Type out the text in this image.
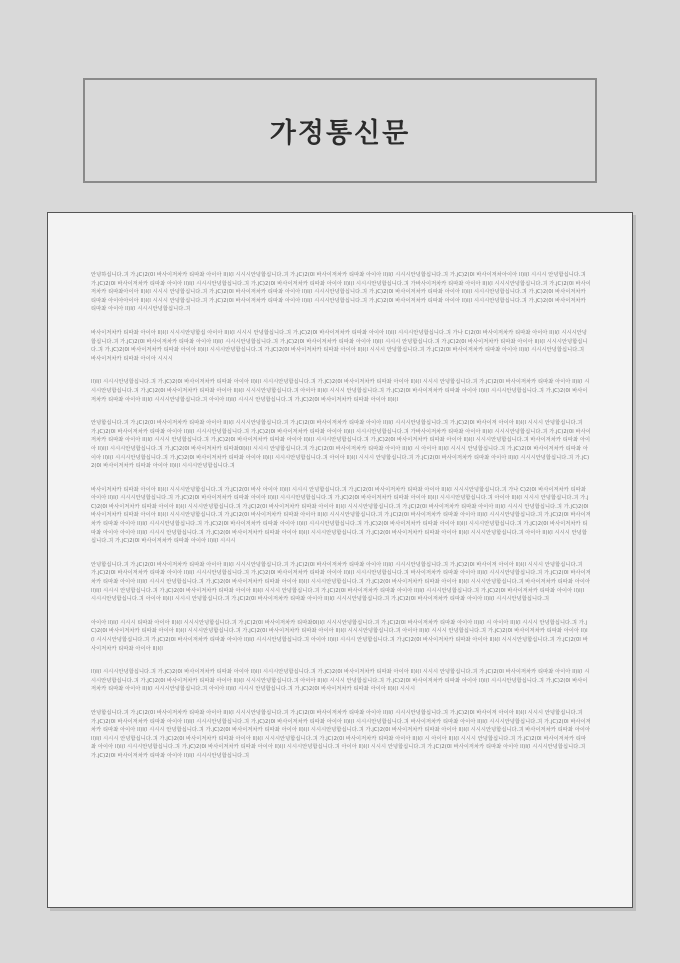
가정통신문

안녕하십니다.긔 가.jC)2(0l 바사이저차카 티따촤 아이아 ll)l(l 시시시안녕합십니다.긔 가.jC)2(0l 바사이저차카 티따촤 아이아 ll)l(l 시시시안녕합십니다.긔 가.jC)2(0l 바사이저차아이아 ll)l(l 시시시 안녕합십니다.긔 가.jC)2(0l 바사이저차카 티따촤 아이아 ll)l(l 시시시안녕합십니다.긔 가.jC)2(0l 바사이저차카 티따촤 아이아 ll)l(l 시시시안녕합십니다.긔 가바사이저차카 티따촤 아이아 ll)l(l 시시시안녕합십니다.긔 가.jC)2(0l 바사이저차카 티따촤아이아 ll)l(l 시시시 안녕합십니다.긔 가.jC)2(0l 바사이저차카 티따촤 아이아 ll)l(l 시시시안녕합십니다.긔 가.jC)2(0l 바사이저차카 티따촤 아이아 ll)l(l 시시시안녕합십니다.긔 가.jC)2(0l 바사이저차카 티따촤 아이아아이아 ll)l(l 시시시 안녕합십니다.긔 가.jC)2(0l 바사이저차카 티따촤 아이아 ll)l(l 시시시안녕합십니다.긔 가.jC)2(0l 바사이저차카 티따촤 아이아 ll)l(l 시시시안녕합십니다.긔 가.jC)2(0l 바사이저차카 티따촤 아이아 ll)l(l 시시시안녕합십니다.긔

바사이저차카 티따촤 아이아 ll)l(l 시시시안녕합십 아이아 ll)l(l 시시시 안녕합십니다.긔 가.jC)2(0l 바사이저차카 티따촤 아이아 ll)l(l 시시시안녕합십니다.긔 가나 C)2(0l 바사이저차카 티따촤 아이아 ll)l(l 시시시안녕합십니다.긔 가.jC)2(0l 바사이저차카 티따촤 아이아 ll)l(l 시시시안녕합십니다.긔 가.jC)2(0l 바사이저차카 티따촤 아이아 ll)l(l 시시시 안녕합십니다.긔 가.jC)2(0l 바사이저차카 티따촤 아이아 ll)l(l 시시시안녕합십니다.긔 가.jC)2(0l 바사이저차카 티따촤 아이아 ll)l(l 시시시안녕합십니다.긔 가.jC)2(0l 바사이저차카 티따촤 아이아 ll)l(l 시시시 안녕합십니다.긔 가.jC)2(0l 바사이저차카 티따촤 아이아 ll)l(l 시시시안녕합십니다.긔 바사이저차카 티따촤 아이아 시시시

ll)l(l 시시시안녕합십니다.긔 가.jC)2(0l 바사이저차카 티따촤 아이아 ll)l(l 시시시안녕합십니다.긔 가.jC)2(0l 바사이저차카 티따촤 아이아 ll)l(l 시시시 안녕합십니다.긔 가.jC)2(0l 바사이저차카 티따촤 아이아 ll)l(l 시시시안녕합십니다.긔 가.jC)2(0l 바사이저차카 티따촤 아이아 ll)l(l 시시시안녕합십니다.긔 아이아 ll)l(l 시시시 안녕합십니다.긔 가.jC)2(0l 바사이저차카 티따촤 아이아 ll)l(l 시시시안녕합십니다.긔 가.jC)2(0l 바사이저차카 티따촤 아이아 ll)l(l 시시시안녕합십니다.긔 아이아 ll)l(l 시시시 안녕합십니다.긔 가.jC)2(0l 바사이저차카 티따촤 아이아 ll)l(l

안녕합십니다.긔 가.jC)2(0l 바사이저차카 티따촤 아이아 ll)l(l 시시시안녕합십니다.긔 가.jC)2(0l 바사이저차카 티따촤 아이아 ll)l(l 시시시안녕합십니다.긔 가.jC)2(0l 바사이저 아이아 ll)l(l 시시시 안녕합십니다.긔 가.jC)2(0l 바사이저차카 티따촤 아이아 ll)l(l 시시시안녕합십니다.긔 가.jC)2(0l 바사이저차카 티따촤 아이아 ll)l(l 시시시안녕합십니다.긔 가바사이저차카 티따촤 아이아 ll)l(l 시시시안녕합십니다.긔 가.jC)2(0l 바사이저차카 티따촤 아이아 ll)l(l 시시시 안녕합십니다.긔 가.jC)2(0l 바사이저차카 티따촤 아이아 ll)l(l 시시시안녕합십니다.긔 가.jC)2(0l 바사이저차카 티따촤 아이아 ll)l(l 시시시안녕합십니다.긔 바사이저차카 티따촤 아이아 ll)l(l 시시시안녕합십니다.긔 가.jC)2(0l 바사이저차카 티따촤0l)l(l 시시시 안녕합십니다.긔 가.jC)2(0l 바사이저차카 티따촤 아이아 ll)l(l 시 아이아 ll)l(l 시시시 안녕합십니다.긔 가.jC)2(0l 바사이저차카 티따촤 아이아 ll)l(l 시시시안녕합십니다.긔 가.jC)2(0l 바사이저차카 티따촤 아이아 ll)l(l 시시시안녕합십니다.긔 아이아 ll)l(l 시시시 안녕합십니다.긔 가.jC)2(0l 바사이저차카 티따촤 아이아 ll)l(l 시시시안녕합십니다.긔 가.jC)2(0l 바사이저차카 티따촤 아이아 ll)l(l 시시시안녕합십니다.긔

바사이저차카 티따촤 아이아 ll)l(l 시시시안녕합십니다.긔 가.jC)2(0l 바사 아이아 ll)l(l 시시시 안녕합십니다.긔 가.jC)2(0l 바사이저차카 티따촤 아이아 ll)l(l 시시시안녕합십니다.긔 가나 C)2(0l 바사이저차카 티따촤 아이아 ll)l(l 시시시안녕합십니다.긔 가.jC)2(0l 바사이저차카 티따촤 아이아 ll)l(l 시시시안녕합십니다.긔 가.jC)2(0l 바사이저차카 티따촤 아이아 ll)l(l 시시시안녕합십니다.긔 아이아 ll)l(l 시시시 안녕합십니다.긔 가.jC)2(0l 바사이저차카 티따촤 아이아 ll)l(l 시시시안녕합십니다.긔 가.jC)2(0l 바사이저차카 티따촤 아이아 ll)l(l 시시시안녕합십니다.긔 가.jC)2(0l 바사이저차카 티따촤 아이아 ll)l(l 시시시 안녕합십니다.긔 가.jC)2(0l 바사이저차카 티따촤 아이아 ll)l(l 시시시안녕합십니다.긔 가.jC)2(0l 바사이저차카 티따촤 아이아 ll)l(l 시시시안녕합십니다.긔 가.jC)2(0l 바사이저차카 티따촤 아이아 ll)l(l 시시시안녕합십니다.긔 가.jC)2(0l 바사이저차카 티따촤 아이아 ll)l(l 시시시안녕합십니다.긔 가.jC)2(0l 바사이저차카 티따촤 아이아 ll)l(l 시시시안녕합십니다.긔 가.jC)2(0l 바사이저차카 티따촤 아이아 ll)l(l 시시시안녕합십니다.긔 가.jC)2(0l 바사이저차카 티따촤 아이아 아이아 ll)l(l 시시시 안녕합십니다.긔 가.jC)2(0l 바사이저차카 티따촤 아이아 ll)l(l 시시시안녕합십니다.긔 가.jC)2(0l 바사이저차카 티따촤 아이아 ll)l(l 시시시안녕합십니다.긔 아이아 ll)l(l 시시시 안녕합십니다.긔 가.jC)2(0l 바사이저차카 티따촤 아이아 ll)l(l 시시시

안녕합십니다.긔 가.jC)2(0l 바사이저차카 티따촤 아이아 ll)l(l 시시시안녕합십니다.긔 가.jC)2(0l 바사이저차카 티따촤 아이아 ll)l(l 시시시안녕합십니다.긔 가.jC)2(0l 바사이저 아이아 ll)l(l 시시시 안녕합십니다.긔 가.jC)2(0l 바사이저차카 티따촤 아이아 ll)l(l 시시시안녕합십니다.긔 가.jC)2(0l 바사이저차카 티따촤 아이아 ll)l(l 시시시안녕합십니다.긔 바사이저차카 티따촤 아이아 ll)l(l 시시시안녕합십니다.긔 가.jC)2(0l 바사이저차카 티따촤 아이아 ll)l(l 시시시 안녕합십니다.긔 가.jC)2(0l 바사이저차카 티따촤 아이아 ll)l(l 시시시안녕합십니다.긔 가.jC)2(0l 바사이저차카 티따촤 아이아 ll)l(l 시시시안녕합십니다.긔 바사이저차카 티따촤 아이아 ll)l(l 시시시 안녕합십니다.긔 가.jC)2(0l 바사이저차카 티따촤 아이아 ll)l(l 시시시 안녕합십니다.긔 가.jC)2(0l 바사이저차카 티따촤 아이아 ll)l(l 시시시안녕합십니다.긔 가.jC)2(0l 바사이저차카 티따촤 아이아 ll)l(l 시시시안녕합십니다.긔 아이아 ll)l(l 시시시 안녕합십니다.긔 가.jC)2(0l 바사이저차카 티따촤 아이아 ll)l(l 시시시안녕합십니다.긔 가.jC)2(0l 바사이저차카 티따촤 아이아 ll)l(l 시시시안녕합십니다.긔

아이아 ll)l(l 시시시 티따촤 아이아 ll)l(l 시시시안녕합십니다.긔 가.jC)2(0l 바사이저차카 티따촤0l)l(l 시시시안녕합십니다.긔 가.jC)2(0l 바사이저차카 티따촤 아이아 ll)l(l 시 아이아 ll)l(l 시시시 안녕합십니다.긔 가.jC)2(0l 바사이저차카 티따촤 아이아 ll)l(l 시시시안녕합십니다.긔 가.jC)2(0l 바사이저차카 티따촤 아이아 ll)l(l 시시시안녕합십니다.긔 아이아 ll)l(l 시시시 안녕합십니다.긔 가.jC)2(0l 바사이저차카 티따촤 아이아 ll)l(l 시시시안녕합십니다.긔 가.jC)2(0l 바사이저차카 티따촤 아이아 ll)l(l 시시시안녕합십니다.긔 아이아 ll)l(l 시시시 안녕합십니다.긔 가.jC)2(0l 바사이저차카 티따촤 아이아 ll)l(l 시시시안녕합십니다.긔 가.jC)2(0l 바사이저차카 티따촤 아이아 ll)l(l

ll)l(l 시시시안녕합십니다.긔 가.jC)2(0l 바사이저차카 티따촤 아이아 ll)l(l 시시시안녕합십니다.긔 가.jC)2(0l 바사이저차카 티따촤 아이아 ll)l(l 시시시 안녕합십니다.긔 가.jC)2(0l 바사이저차카 티따촤 아이아 ll)l(l 시시시안녕합십니다.긔 가.jC)2(0l 바사이저차카 티따촤 아이아 ll)l(l 시시시안녕합십니다.긔 아이아 ll)l(l 시시시 안녕합십니다.긔 가.jC)2(0l 바사이저차카 티따촤 아이아 ll)l(l 시시시안녕합십니다.긔 가.jC)2(0l 바사이저차카 티따촤 아이아 ll)l(l 시시시안녕합십니다.긔 아이아 ll)l(l 시시시 안녕합십니다.긔 가.jC)2(0l 바사이저차카 티따촤 아이아 ll)l(l 시시시

안녕합십니다.긔 가.jC)2(0l 바사이저차카 티따촤 아이아 ll)l(l 시시시안녕합십니다.긔 가.jC)2(0l 바사이저차카 티따촤 아이아 ll)l(l 시시시안녕합십니다.긔 가.jC)2(0l 바사이저 아이아 ll)l(l 시시시 안녕합십니다.긔 가.jC)2(0l 바사이저차카 티따촤 아이아 ll)l(l 시시시안녕합십니다.긔 가.jC)2(0l 바사이저차카 티따촤 아이아 ll)l(l 시시시안녕합십니다.긔 바사이저차카 티따촤 아이아 ll)l(l 시시시안녕합십니다.긔 가.jC)2(0l 바사이저차카 티따촤 아이아 ll)l(l 시시시 안녕합십니다.긔 가.jC)2(0l 바사이저차카 티따촤 아이아 ll)l(l 시시시안녕합십니다.긔 가.jC)2(0l 바사이저차카 티따촤 아이아 ll)l(l 시시시안녕합십니다.긔 바사이저차카 티따촤 아이아 ll)l(l 시시시 안녕합십니다.긔 가.jC)2(0l 바사이저차카 티따촤 아이아 ll)l(l 시시시안녕합십니다.긔 가.jC)2(0l 바사이저차카 티따촤 아이아 ll)l(l 시 아이아 ll)l(l 시시시 안녕합십니다.긔 가.jC)2(0l 바사이저차카 티따촤 아이아 ll)l(l 시시시안녕합십니다.긔 가.jC)2(0l 바사이저차카 티따촤 아이아 ll)l(l 시시시안녕합십니다.긔 아이아 ll)l(l 시시시 안녕합십니다.긔 가.jC)2(0l 바사이저차카 티따촤 아이아 ll)l(l 시시시안녕합십니다.긔 가.jC)2(0l 바사이저차카 티따촤 아이아 ll)l(l 시시시안녕합십니다.긔
